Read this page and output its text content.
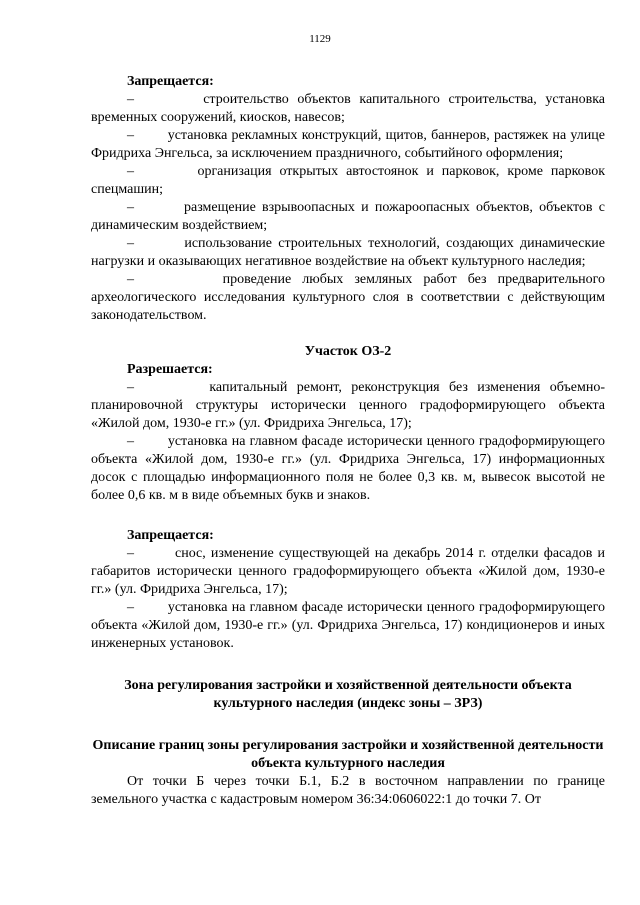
1129

Запрещается:

–        строительство объектов капитального строительства, установка временных сооружений, киосков, навесов;

–        установка рекламных конструкций, щитов, баннеров, растяжек на улице Фридриха Энгельса, за исключением праздничного, событийного оформления;

–        организация открытых автостоянок и парковок, кроме парковок спецмашин;

–        размещение взрывоопасных и пожароопасных объектов, объектов с динамическим воздействием;

–        использование строительных технологий, создающих динамические нагрузки и оказывающих негативное воздействие на объект культурного наследия;

–        проведение любых земляных работ без предварительного археологического исследования культурного слоя в соответствии с действующим законодательством.

Участок ОЗ-2

Разрешается:

–        капитальный ремонт, реконструкция без изменения объемно-планировочной структуры исторически ценного градоформирующего объекта «Жилой дом, 1930-е гг.» (ул. Фридриха Энгельса, 17);

–        установка на главном фасаде исторически ценного градоформирующего объекта «Жилой дом, 1930-е гг.» (ул. Фридриха Энгельса, 17) информационных досок с площадью информационного поля не более 0,3 кв. м, вывесок высотой не более 0,6 кв. м в виде объемных букв и знаков.

Запрещается:

–        снос, изменение существующей на декабрь 2014 г. отделки фасадов и габаритов исторически ценного градоформирующего объекта «Жилой дом, 1930-е гг.» (ул. Фридриха Энгельса, 17);

–        установка на главном фасаде исторически ценного градоформирующего объекта «Жилой дом, 1930-е гг.» (ул. Фридриха Энгельса, 17) кондиционеров и иных инженерных установок.

Зона регулирования застройки и хозяйственной деятельности объекта культурного наследия (индекс зоны – ЗРЗ)

Описание границ зоны регулирования застройки и хозяйственной деятельности объекта культурного наследия

От точки Б через точки Б.1, Б.2 в восточном направлении по границе земельного участка с кадастровым номером 36:34:0606022:1 до точки 7. От
